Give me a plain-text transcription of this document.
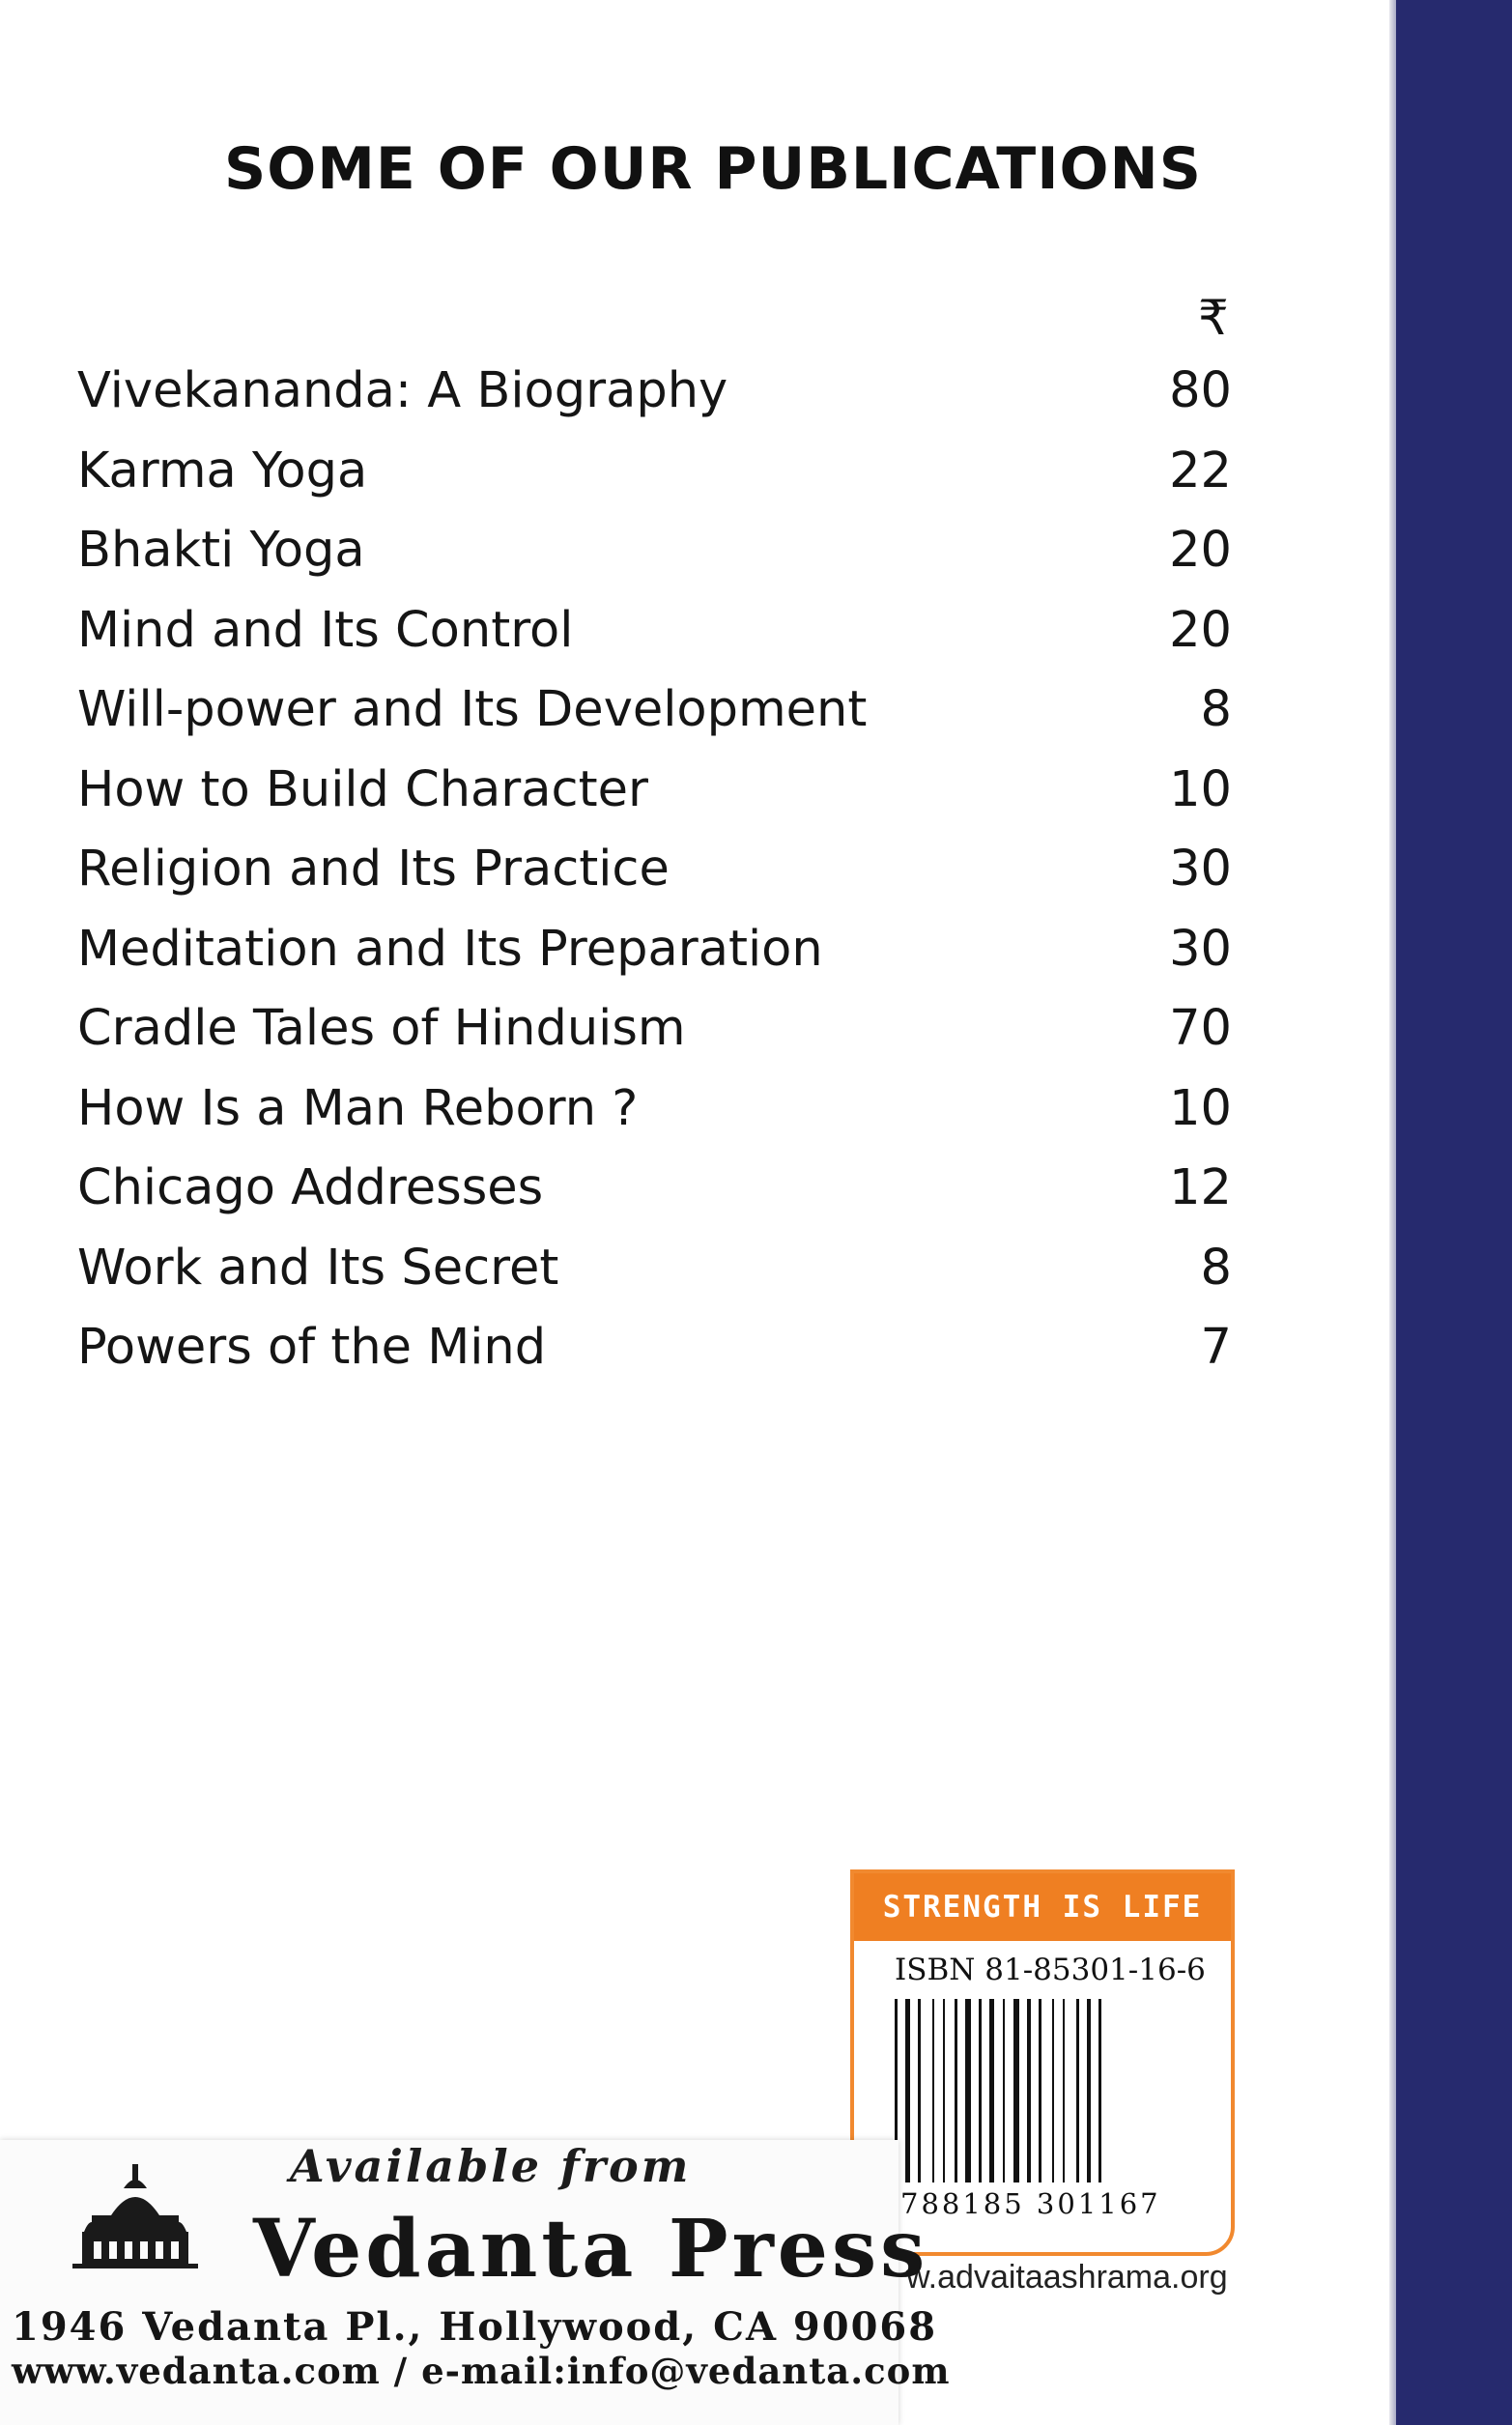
SOME OF OUR PUBLICATIONS
₹
Vivekananda: A Biography	80
Karma Yoga	22
Bhakti Yoga	20
Mind and Its Control	20
Will-power and Its Development	8
How to Build Character	10
Religion and Its Practice	30
Meditation and Its Preparation	30
Cradle Tales of Hinduism	70
How Is a Man Reborn ?	10
Chicago Addresses	12
Work and Its Secret	8
Powers of the Mind	7
STRENGTH IS LIFE
ISBN 81-85301-16-6
788185 301167
w.advaitaashrama.org
Available from
Vedanta Press
1946 Vedanta Pl., Hollywood, CA 90068
www.vedanta.com / e-mail:info@vedanta.com
